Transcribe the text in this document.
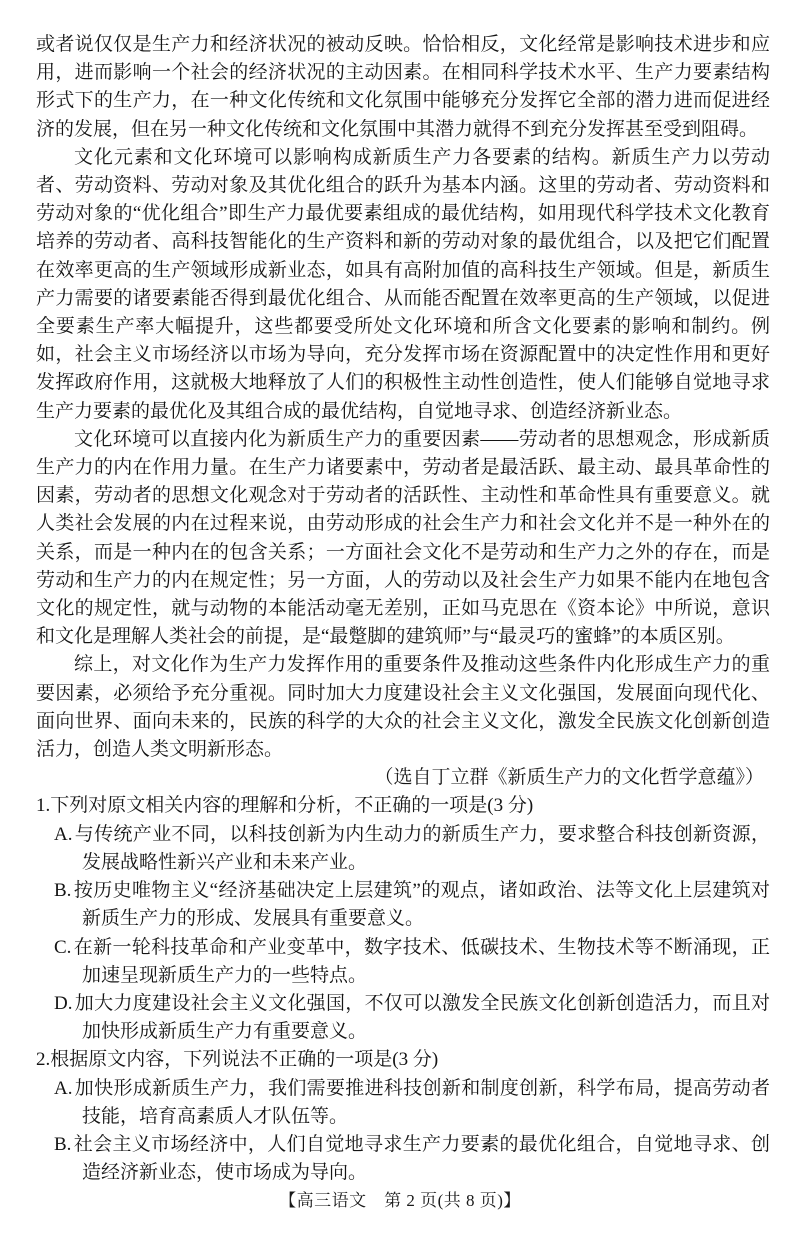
或者说仅仅是生产力和经济状况的被动反映。恰恰相反，文化经常是影响技术进步和应用，进而影响一个社会的经济状况的主动因素。在相同科学技术水平、生产力要素结构形式下的生产力，在一种文化传统和文化氛围中能够充分发挥它全部的潜力进而促进经济的发展，但在另一种文化传统和文化氛围中其潜力就得不到充分发挥甚至受到阻碍。

文化元素和文化环境可以影响构成新质生产力各要素的结构。新质生产力以劳动者、劳动资料、劳动对象及其优化组合的跃升为基本内涵。这里的劳动者、劳动资料和劳动对象的“优化组合”即生产力最优要素组成的最优结构，如用现代科学技术文化教育培养的劳动者、高科技智能化的生产资料和新的劳动对象的最优组合，以及把它们配置在效率更高的生产领域形成新业态，如具有高附加值的高科技生产领域。但是，新质生产力需要的诸要素能否得到最优化组合、从而能否配置在效率更高的生产领域，以促进全要素生产率大幅提升，这些都要受所处文化环境和所含文化要素的影响和制约。例如，社会主义市场经济以市场为导向，充分发挥市场在资源配置中的决定性作用和更好发挥政府作用，这就极大地释放了人们的积极性主动性创造性，使人们能够自觉地寻求生产力要素的最优化及其组合成的最优结构，自觉地寻求、创造经济新业态。

文化环境可以直接内化为新质生产力的重要因素——劳动者的思想观念，形成新质生产力的内在作用力量。在生产力诸要素中，劳动者是最活跃、最主动、最具革命性的因素，劳动者的思想文化观念对于劳动者的活跃性、主动性和革命性具有重要意义。就人类社会发展的内在过程来说，由劳动形成的社会生产力和社会文化并不是一种外在的关系，而是一种内在的包含关系；一方面社会文化不是劳动和生产力之外的存在，而是劳动和生产力的内在规定性；另一方面，人的劳动以及社会生产力如果不能内在地包含文化的规定性，就与动物的本能活动毫无差别，正如马克思在《资本论》中所说，意识和文化是理解人类社会的前提，是“最蹩脚的建筑师”与“最灵巧的蜜蜂”的本质区别。

综上，对文化作为生产力发挥作用的重要条件及推动这些条件内化形成生产力的重要因素，必须给予充分重视。同时加大力度建设社会主义文化强国，发展面向现代化、面向世界、面向未来的，民族的科学的大众的社会主义文化，激发全民族文化创新创造活力，创造人类文明新形态。

（选自丁立群《新质生产力的文化哲学意蕴》）

1.下列对原文相关内容的理解和分析，不正确的一项是(3 分)

A. 与传统产业不同，以科技创新为内生动力的新质生产力，要求整合科技创新资源，发展战略性新兴产业和未来产业。

B. 按历史唯物主义“经济基础决定上层建筑”的观点，诸如政治、法等文化上层建筑对新质生产力的形成、发展具有重要意义。

C. 在新一轮科技革命和产业变革中，数字技术、低碳技术、生物技术等不断涌现，正加速呈现新质生产力的一些特点。

D. 加大力度建设社会主义文化强国，不仅可以激发全民族文化创新创造活力，而且对加快形成新质生产力有重要意义。

2.根据原文内容，下列说法不正确的一项是(3 分)

A. 加快形成新质生产力，我们需要推进科技创新和制度创新，科学布局，提高劳动者技能，培育高素质人才队伍等。

B. 社会主义市场经济中，人们自觉地寻求生产力要素的最优化组合，自觉地寻求、创造经济新业态，使市场成为导向。

【高三语文　第 2 页(共 8 页)】
